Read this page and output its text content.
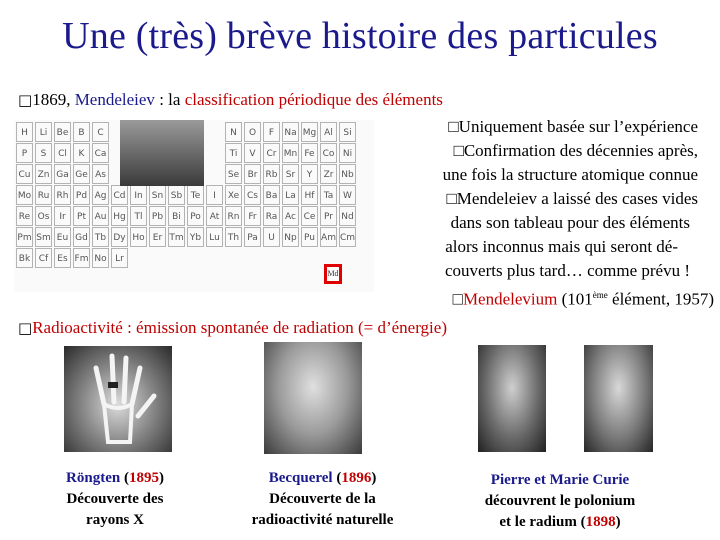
Une (très) brève histoire des particules
□1869, Mendeleiev : la classification périodique des éléments
H	Li	Be	B	C	N	O	F	Na Mg Al	Si
P	S	Cl	K	Ca	Ti	V	Cr Mn Fe Co Ni
Cu Zn Ga Ge As	Se Br Rb Sr	Y	Zr Nb
Mo Ru Rh Pd Ag Cd In	Sn Sb Te	I	Xe Cs Ba La Hf	Ta	W
Re Os	Ir	Pt Au Hg Tl	Pb	Bi	Po At Rn Fr	Ra Ac Ce Pr Nd
Pm Sm Eu Gd Tb Dy Ho Er Tm Yb Lu Th Pa	U	Np Pu Am Cm
Bk Cf	Es Fm No Lr
Md
□Uniquement basée sur l’expérience
□Confirmation des décennies après,
une fois la structure atomique connue
□Mendeleiev a laissé des cases vides
dans son tableau pour des éléments
alors inconnus mais qui seront dé-
couverts plus tard… comme prévu !
□Mendelevium (101ème élément, 1957)
□Radioactivité : émission spontanée de radiation (= d’énergie)
Röngten (1895)
Découverte des
rayons X
Becquerel (1896)
Découverte de la
radioactivité naturelle
Pierre et Marie Curie
découvrent le polonium
et le radium (1898)
